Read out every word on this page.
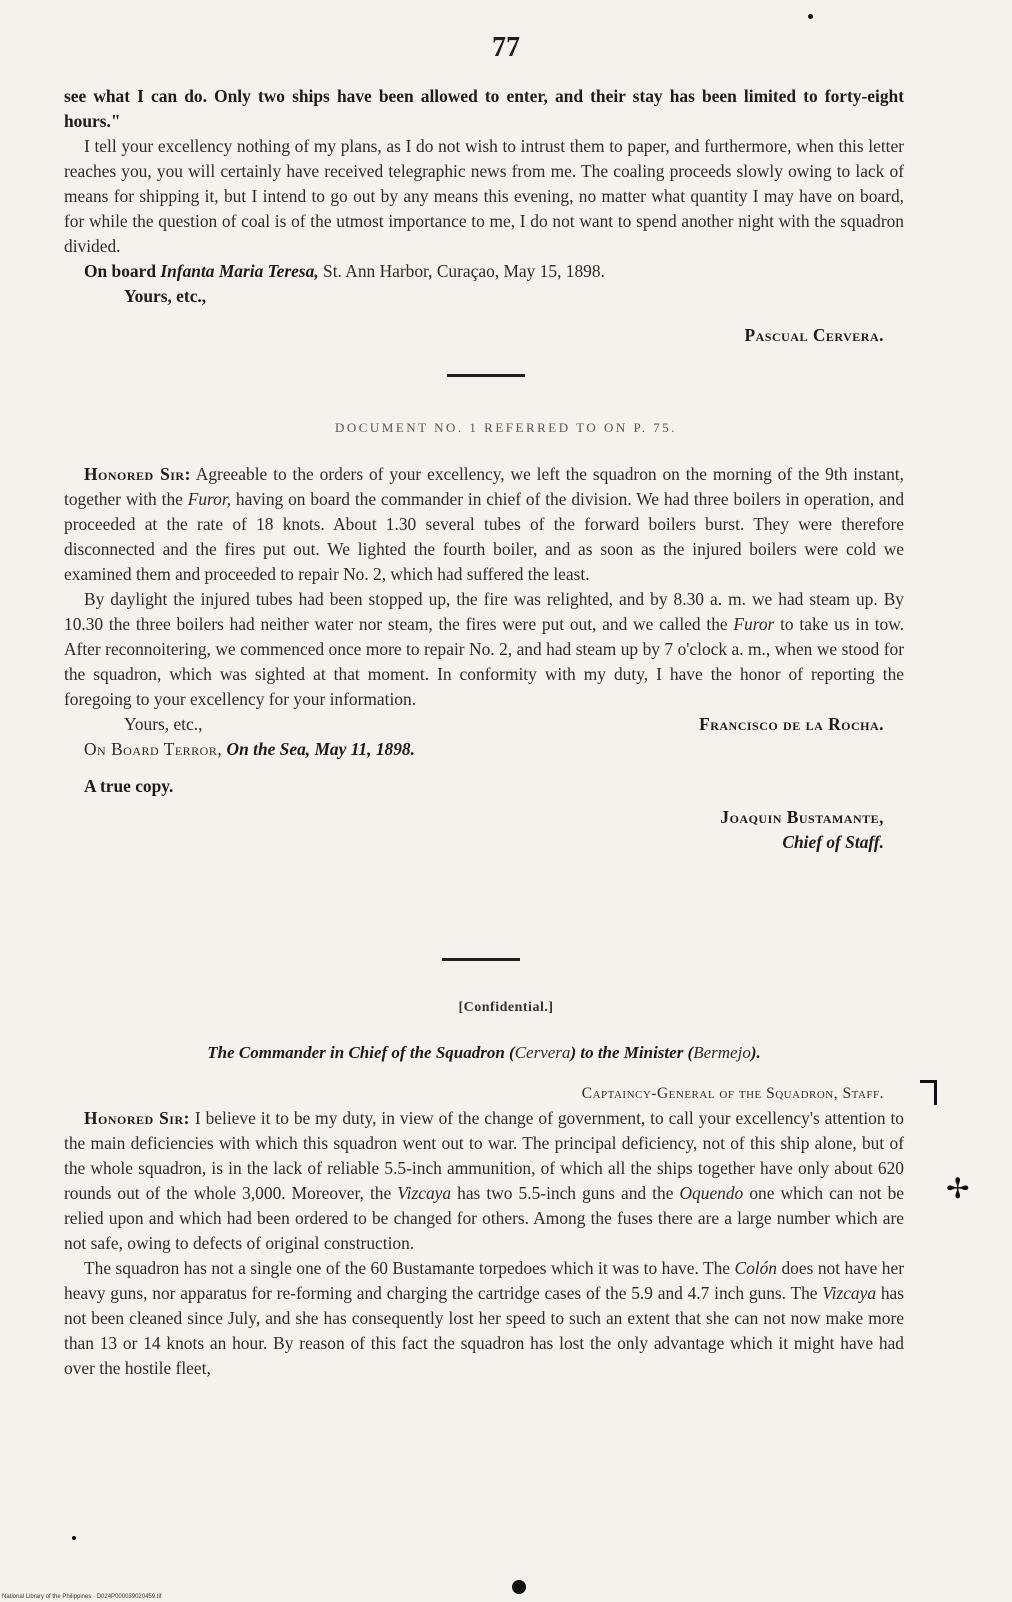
77

see what I can do. Only two ships have been allowed to enter, and their stay has been limited to forty-eight hours."

I tell your excellency nothing of my plans, as I do not wish to intrust them to paper, and furthermore, when this letter reaches you, you will certainly have received telegraphic news from me. The coaling proceeds slowly owing to lack of means for shipping it, but I intend to go out by any means this evening, no matter what quantity I may have on board, for while the question of coal is of the utmost importance to me, I do not want to spend another night with the squadron divided.

On board Infanta Maria Teresa, St. Ann Harbor, Curaçao, May 15, 1898.

Yours, etc.,

Pascual Cervera.

DOCUMENT NO. 1 REFERRED TO ON P. 75.

Honored Sir: Agreeable to the orders of your excellency, we left the squadron on the morning of the 9th instant, together with the Furor, having on board the commander in chief of the division. We had three boilers in operation, and proceeded at the rate of 18 knots. About 1.30 several tubes of the forward boilers burst. They were therefore disconnected and the fires put out. We lighted the fourth boiler, and as soon as the injured boilers were cold we examined them and proceeded to repair No. 2, which had suffered the least.

By daylight the injured tubes had been stopped up, the fire was relighted, and by 8.30 a. m. we had steam up. By 10.30 the three boilers had neither water nor steam, the fires were put out, and we called the Furor to take us in tow. After reconnoitering, we commenced once more to repair No. 2, and had steam up by 7 o'clock a. m., when we stood for the squadron, which was sighted at that moment. In conformity with my duty, I have the honor of reporting the foregoing to your excellency for your information.

Yours, etc.,	Francisco de la Rocha.

On Board Terror, On the Sea, May 11, 1898.

A true copy.

Joaquin Bustamante,

Chief of Staff.

[Confidential.]

The Commander in Chief of the Squadron (Cervera) to the Minister (Bermejo).

Captaincy-General of the Squadron, Staff.

Honored Sir: I believe it to be my duty, in view of the change of government, to call your excellency's attention to the main deficiencies with which this squadron went out to war. The principal deficiency, not of this ship alone, but of the whole squadron, is in the lack of reliable 5.5-inch ammunition, of which all the ships together have only about 620 rounds out of the whole 3,000. Moreover, the Vizcaya has two 5.5-inch guns and the Oquendo one which can not be relied upon and which had been ordered to be changed for others. Among the fuses there are a large number which are not safe, owing to defects of original construction.

The squadron has not a single one of the 60 Bustamante torpedoes which it was to have. The Colón does not have her heavy guns, nor apparatus for re-forming and charging the cartridge cases of the 5.9 and 4.7 inch guns. The Vizcaya has not been cleaned since July, and she has consequently lost her speed to such an extent that she can not now make more than 13 or 14 knots an hour. By reason of this fact the squadron has lost the only advantage which it might have had over the hostile fleet,

✢
National Library of the Philippines · D024P000039020459.tif
